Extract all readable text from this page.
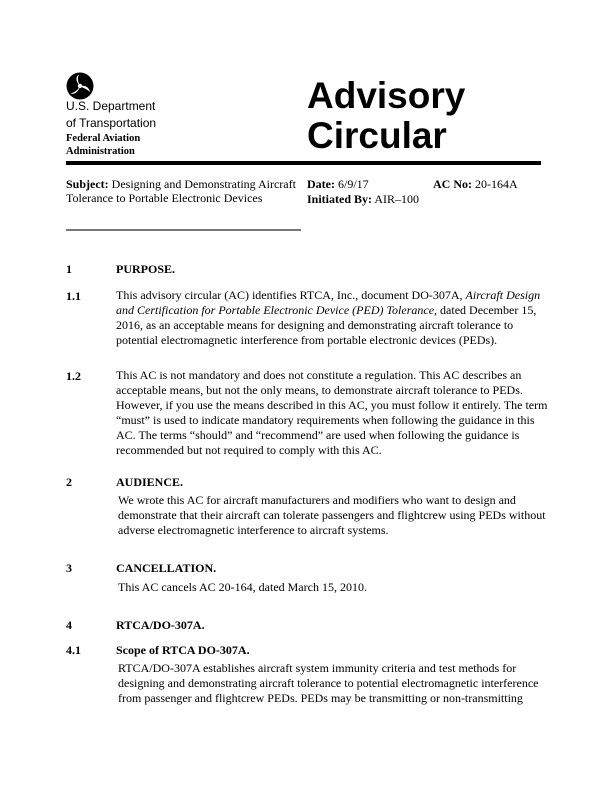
U.S. Department
of Transportation
Federal Aviation
Administration
Advisory
Circular
Subject: Designing and Demonstrating Aircraft Tolerance to Portable Electronic Devices
Date: 6/9/17	AC No: 20-164A
Initiated By: AIR–100
1	PURPOSE.
1.1	This advisory circular (AC) identifies RTCA, Inc., document DO-307A, Aircraft Design and Certification for Portable Electronic Device (PED) Tolerance, dated December 15, 2016, as an acceptable means for designing and demonstrating aircraft tolerance to potential electromagnetic interference from portable electronic devices (PEDs).
1.2	This AC is not mandatory and does not constitute a regulation. This AC describes an acceptable means, but not the only means, to demonstrate aircraft tolerance to PEDs. However, if you use the means described in this AC, you must follow it entirely. The term “must” is used to indicate mandatory requirements when following the guidance in this AC. The terms “should” and “recommend” are used when following the guidance is recommended but not required to comply with this AC.
2	AUDIENCE.
We wrote this AC for aircraft manufacturers and modifiers who want to design and demonstrate that their aircraft can tolerate passengers and flightcrew using PEDs without adverse electromagnetic interference to aircraft systems.
3	CANCELLATION.
This AC cancels AC 20-164, dated March 15, 2010.
4	RTCA/DO-307A.
4.1	Scope of RTCA DO-307A.
RTCA/DO-307A establishes aircraft system immunity criteria and test methods for designing and demonstrating aircraft tolerance to potential electromagnetic interference from passenger and flightcrew PEDs. PEDs may be transmitting or non-transmitting
